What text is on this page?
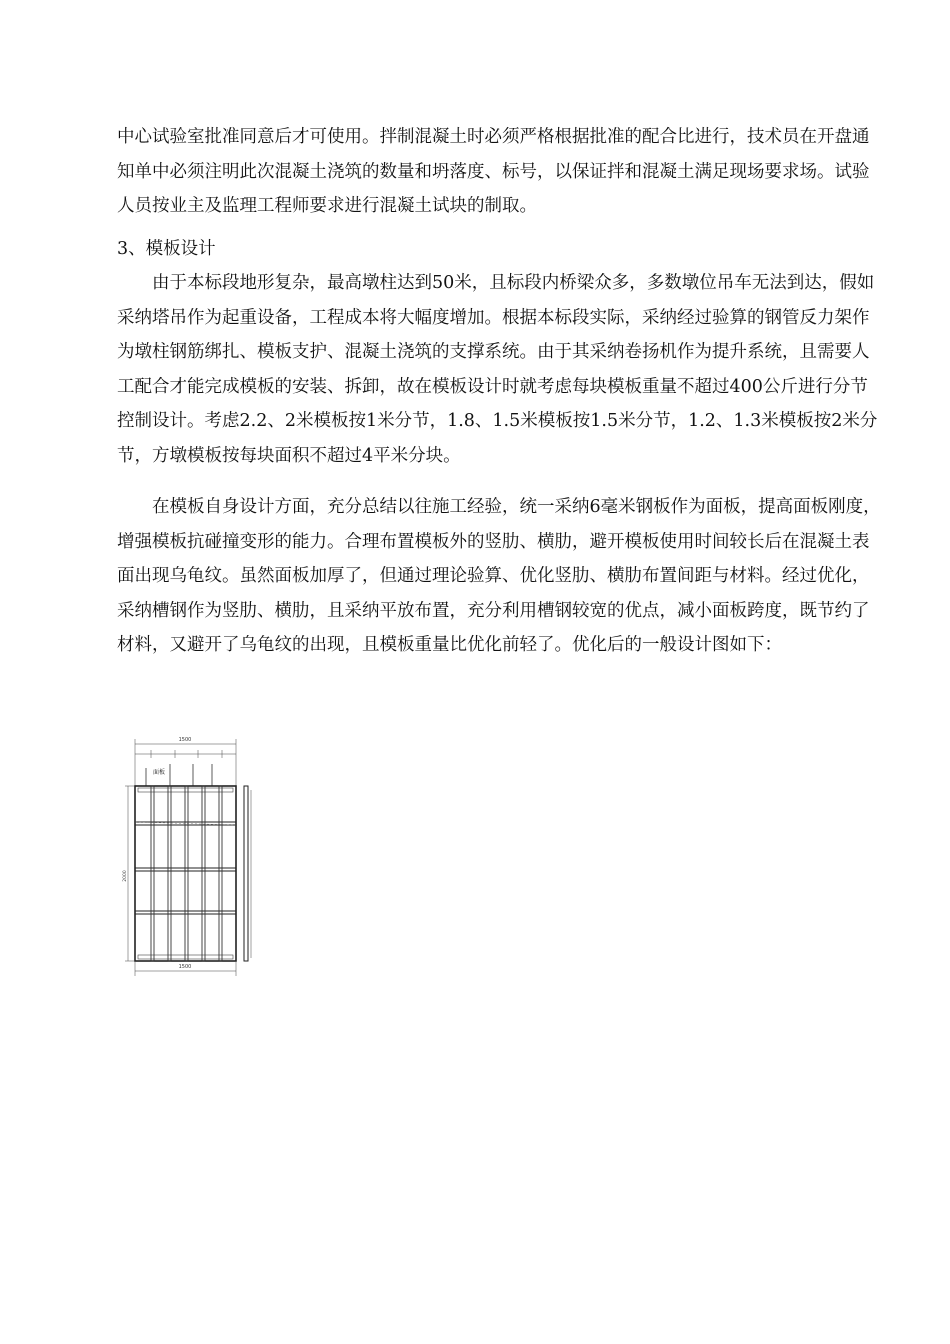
中心试验室批准同意后才可使用。拌制混凝土时必须严格根据批准的配合比进行，技术员在开盘通知单中必须注明此次混凝土浇筑的数量和坍落度、标号，以保证拌和混凝土满足现场要求场。试验人员按业主及监理工程师要求进行混凝土试块的制取。

3、模板设计

由于本标段地形复杂，最高墩柱达到50米，且标段内桥梁众多，多数墩位吊车无法到达，假如采纳塔吊作为起重设备，工程成本将大幅度增加。根据本标段实际，采纳经过验算的钢管反力架作为墩柱钢筋绑扎、模板支护、混凝土浇筑的支撑系统。由于其采纳卷扬机作为提升系统，且需要人工配合才能完成模板的安装、拆卸，故在模板设计时就考虑每块模板重量不超过400公斤进行分节控制设计。考虑2.2、2米模板按1米分节，1.8、1.5米模板按1.5米分节，1.2、1.3米模板按2米分节，方墩模板按每块面积不超过4平米分块。

在模板自身设计方面，充分总结以往施工经验，统一采纳6毫米钢板作为面板，提高面板刚度，增强模板抗碰撞变形的能力。合理布置模板外的竖肋、横肋，避开模板使用时间较长后在混凝土表面出现乌龟纹。虽然面板加厚了，但通过理论验算、优化竖肋、横肋布置间距与材料。经过优化，采纳槽钢作为竖肋、横肋，且采纳平放布置，充分利用槽钢较宽的优点，减小面板跨度，既节约了材料，又避开了乌龟纹的出现，且模板重量比优化前轻了。优化后的一般设计图如下：

1500
面板
2000
1500
